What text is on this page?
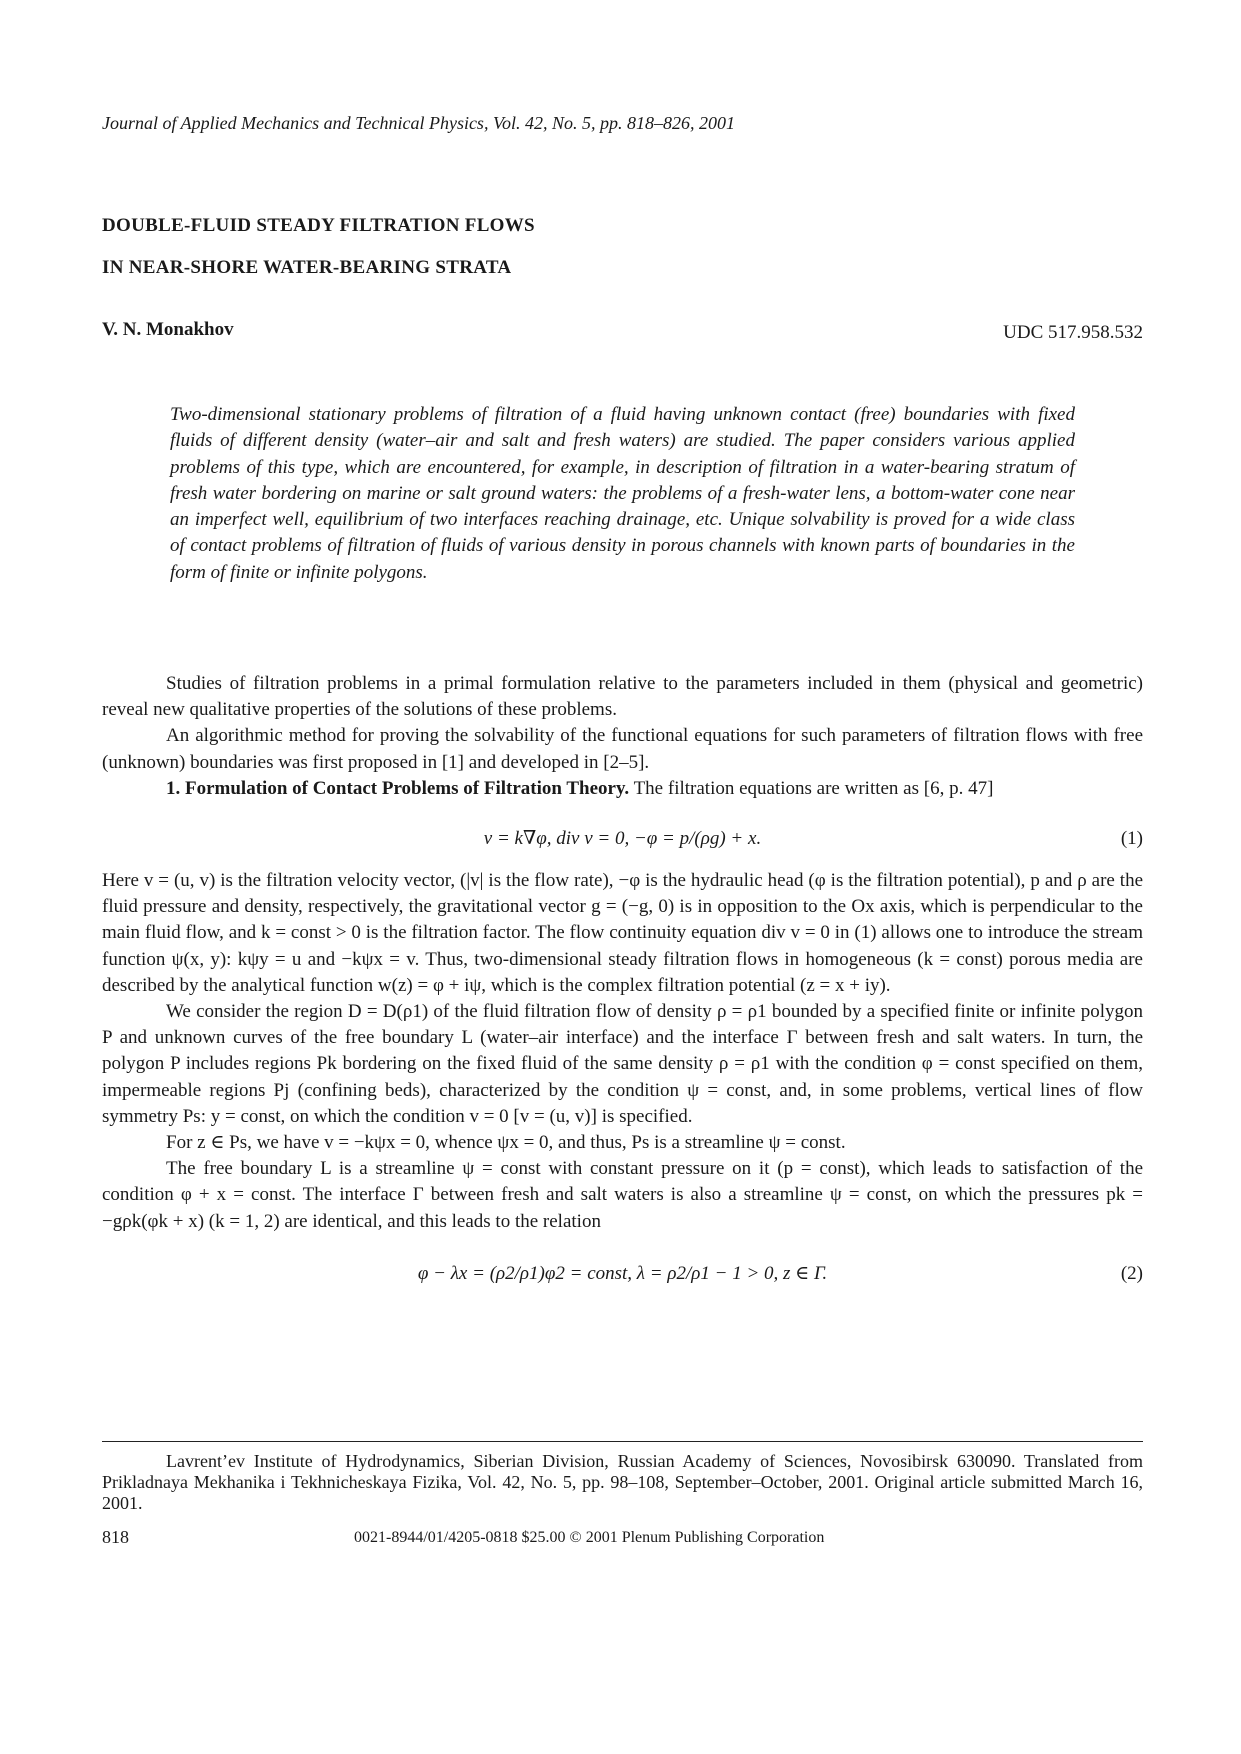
Journal of Applied Mechanics and Technical Physics, Vol. 42, No. 5, pp. 818–826, 2001
DOUBLE-FLUID STEADY FILTRATION FLOWS
IN NEAR-SHORE WATER-BEARING STRATA
V. N. Monakhov	UDC 517.958.532
Two-dimensional stationary problems of filtration of a fluid having unknown contact (free) boundaries with fixed fluids of different density (water–air and salt and fresh waters) are studied. The paper considers various applied problems of this type, which are encountered, for example, in description of filtration in a water-bearing stratum of fresh water bordering on marine or salt ground waters: the problems of a fresh-water lens, a bottom-water cone near an imperfect well, equilibrium of two interfaces reaching drainage, etc. Unique solvability is proved for a wide class of contact problems of filtration of fluids of various density in porous channels with known parts of boundaries in the form of finite or infinite polygons.

Studies of filtration problems in a primal formulation relative to the parameters included in them (physical and geometric) reveal new qualitative properties of the solutions of these problems.

An algorithmic method for proving the solvability of the functional equations for such parameters of filtration flows with free (unknown) boundaries was first proposed in [1] and developed in [2–5].

1. Formulation of Contact Problems of Filtration Theory. The filtration equations are written as [6, p. 47]

v = k∇φ, div v = 0, −φ = p/(ρg) + x.	(1)

Here v = (u, v) is the filtration velocity vector, (|v| is the flow rate), −φ is the hydraulic head (φ is the filtration potential), p and ρ are the fluid pressure and density, respectively, the gravitational vector g = (−g, 0) is in opposition to the Ox axis, which is perpendicular to the main fluid flow, and k = const > 0 is the filtration factor. The flow continuity equation div v = 0 in (1) allows one to introduce the stream function ψ(x, y): kψy = u and −kψx = v. Thus, two-dimensional steady filtration flows in homogeneous (k = const) porous media are described by the analytical function w(z) = φ + iψ, which is the complex filtration potential (z = x + iy).

We consider the region D = D(ρ1) of the fluid filtration flow of density ρ = ρ1 bounded by a specified finite or infinite polygon P and unknown curves of the free boundary L (water–air interface) and the interface Γ between fresh and salt waters. In turn, the polygon P includes regions Pk bordering on the fixed fluid of the same density ρ = ρ1 with the condition φ = const specified on them, impermeable regions Pj (confining beds), characterized by the condition ψ = const, and, in some problems, vertical lines of flow symmetry Ps: y = const, on which the condition v = 0 [v = (u, v)] is specified.

For z ∈ Ps, we have v = −kψx = 0, whence ψx = 0, and thus, Ps is a streamline ψ = const.

The free boundary L is a streamline ψ = const with constant pressure on it (p = const), which leads to satisfaction of the condition φ + x = const. The interface Γ between fresh and salt waters is also a streamline ψ = const, on which the pressures pk = −gρk(φk + x) (k = 1, 2) are identical, and this leads to the relation

φ − λx = (ρ2/ρ1)φ2 = const, λ = ρ2/ρ1 − 1 > 0, z ∈ Γ.	(2)

Lavrent’ev Institute of Hydrodynamics, Siberian Division, Russian Academy of Sciences, Novosibirsk 630090. Translated from Prikladnaya Mekhanika i Tekhnicheskaya Fizika, Vol. 42, No. 5, pp. 98–108, September–October, 2001. Original article submitted March 16, 2001.

818	0021-8944/01/4205-0818 $25.00 © 2001 Plenum Publishing Corporation
